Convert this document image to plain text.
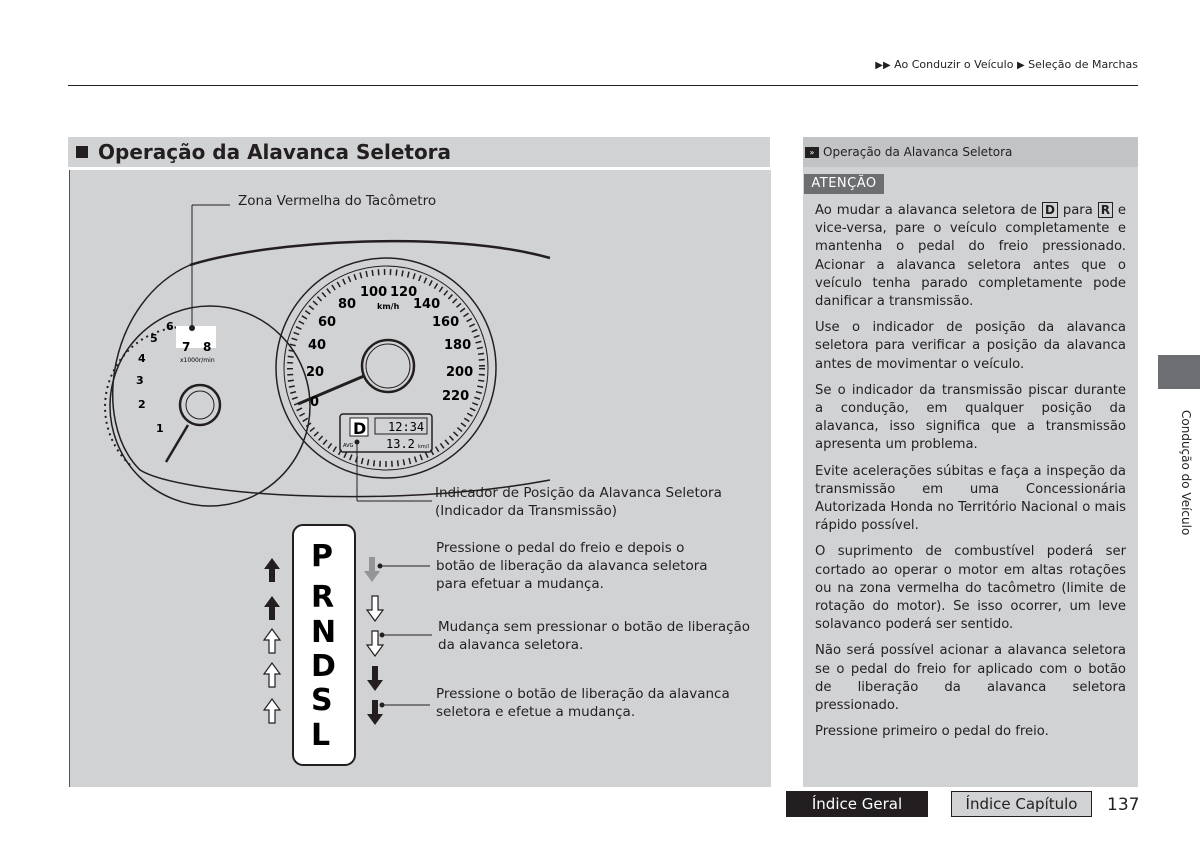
▶▶ Ao Conduzir o Veículo ▶ Seleção de Marchas
Operação da Alavanca Seletora
1
2
3
4
5
6
7 8
x1000r/min
0
20
40
60
80
100 120
140
160
180
200
220
km/h
D 12:34
AVG	13.2 km/l
P
R
N
D
S
L
Zona Vermelha do Tacômetro
Indicador de Posição da Alavanca Seletora
(Indicador da Transmissão)
Pressione o pedal do freio e depois o
botão de liberação da alavanca seletora
para efetuar a mudança.
Mudança sem pressionar o botão de liberação
da alavanca seletora.
Pressione o botão de liberação da alavanca
seletora e efetue a mudança.
» Operação da Alavanca Seletora
ATENÇÃO

Ao mudar a alavanca seletora de D para R e vice-versa, pare o veículo completamente e mantenha o pedal do freio pressionado. Acionar a alavanca seletora antes que o veículo tenha parado completamente pode danificar a transmissão.

Use o indicador de posição da alavanca seletora para verificar a posição da alavanca antes de movimentar o veículo.

Se o indicador da transmissão piscar durante a condução, em qualquer posição da alavanca, isso significa que a transmissão apresenta um problema.

Evite acelerações súbitas e faça a inspeção da transmissão em uma Concessionária Autorizada Honda no Território Nacional o mais rápido possível.

O suprimento de combustível poderá ser cortado ao operar o motor em altas rotações ou na zona vermelha do tacômetro (limite de rotação do motor). Se isso ocorrer, um leve solavanco poderá ser sentido.

Não será possível acionar a alavanca seletora se o pedal do freio for aplicado com o botão de liberação da alavanca seletora pressionado.

Pressione primeiro o pedal do freio.

Condução do Veículo
Índice Geral	Índice Capítulo	137
